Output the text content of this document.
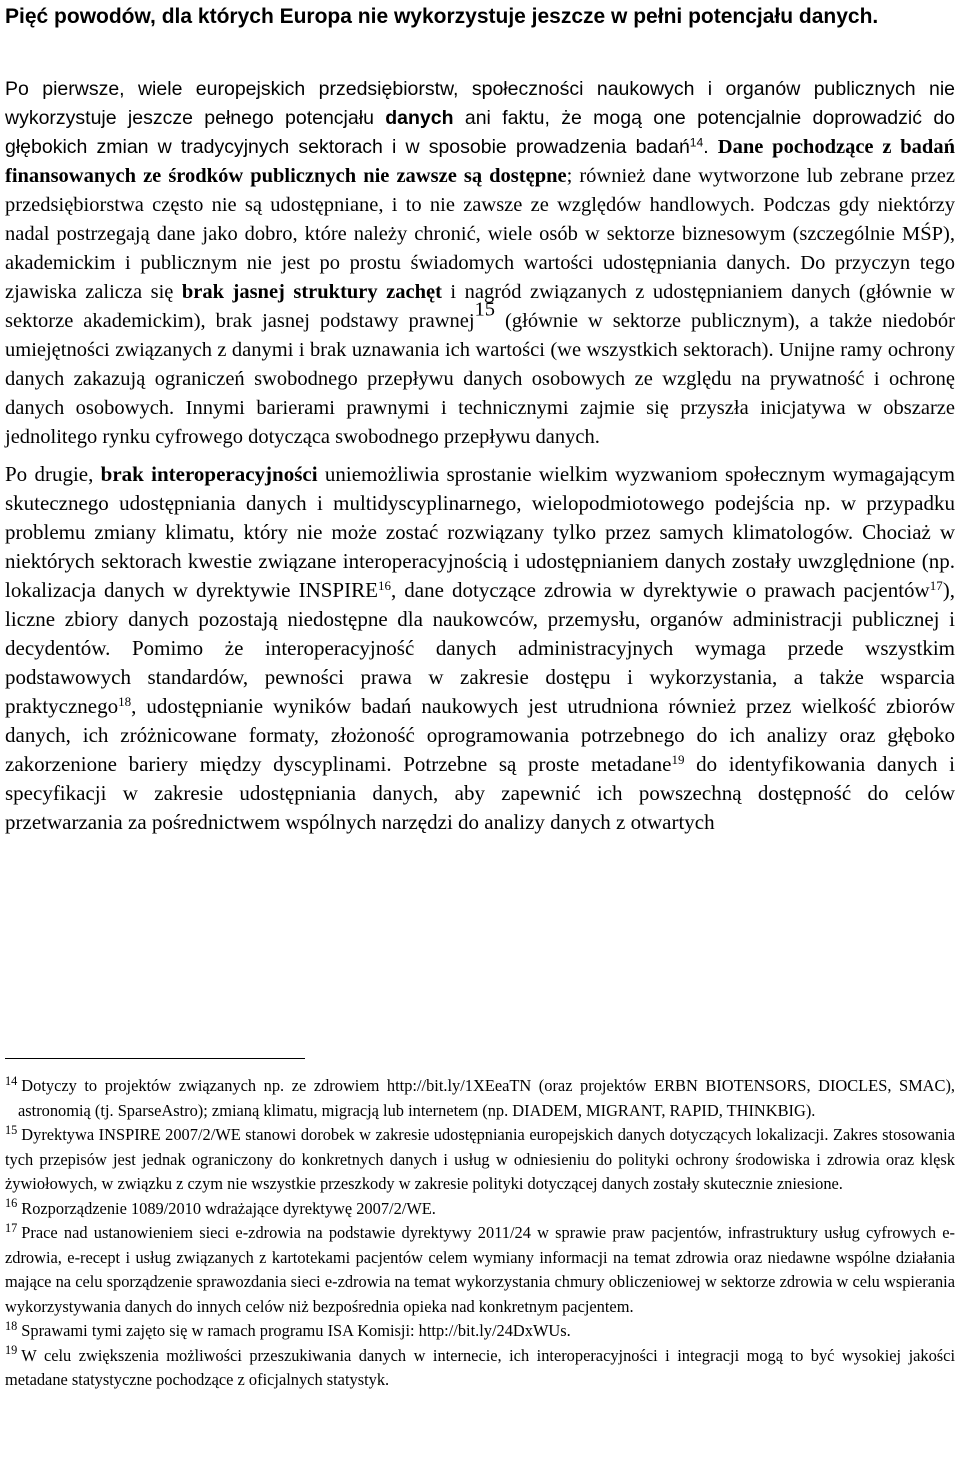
Pięć powodów, dla których Europa nie wykorzystuje jeszcze w pełni potencjału danych.

Po pierwsze, wiele europejskich przedsiębiorstw, społeczności naukowych i organów publicznych nie wykorzystuje jeszcze pełnego potencjału danych ani faktu, że mogą one potencjalnie doprowadzić do głębokich zmian w tradycyjnych sektorach i w sposobie prowadzenia badań$^{14}$. Dane pochodzące z badań finansowanych ze środków publicznych nie zawsze są dostępne; również dane wytworzone lub zebrane przez przedsiębiorstwa często nie są udostępniane, i to nie zawsze ze względów handlowych. Podczas gdy niektórzy nadal postrzegają dane jako dobro, które należy chronić, wiele osób w sektorze biznesowym (szczególnie MŚP), akademickim i publicznym nie jest po prostu świadomych wartości udostępniania danych. Do przyczyn tego zjawiska zalicza się brak jasnej struktury zachęt i nagród związanych z udostępnianiem danych (głównie w sektorze akademickim), brak jasnej podstawy prawnej$^{15}$ (głównie w sektorze publicznym), a także niedobór umiejętności związanych z danymi i brak uznawania ich wartości (we wszystkich sektorach). Unijne ramy ochrony danych zakazują ograniczeń swobodnego przepływu danych osobowych ze względu na prywatność i ochronę danych osobowych. Innymi barierami prawnymi i technicznymi zajmie się przyszła inicjatywa w obszarze jednolitego rynku cyfrowego dotycząca swobodnego przepływu danych.

Po drugie, brak interoperacyjności uniemożliwia sprostanie wielkim wyzwaniom społecznym wymagającym skutecznego udostępniania danych i multidyscyplinarnego, wielopodmiotowego podejścia np. w przypadku problemu zmiany klimatu, który nie może zostać rozwiązany tylko przez samych klimatologów. Chociaż w niektórych sektorach kwestie związane interoperacyjnością i udostępnianiem danych zostały uwzględnione (np. lokalizacja danych w dyrektywie INSPIRE$^{16}$, dane dotyczące zdrowia w dyrektywie o prawach pacjentów$^{17}$), liczne zbiory danych pozostają niedostępne dla naukowców, przemysłu, organów administracji publicznej i decydentów. Pomimo że interoperacyjność danych administracyjnych wymaga przede wszystkim podstawowych standardów, pewności prawa w zakresie dostępu i wykorzystania, a także wsparcia praktycznego$^{18}$, udostępnianie wyników badań naukowych jest utrudniona również przez wielkość zbiorów danych, ich zróżnicowane formaty, złożoność oprogramowania potrzebnego do ich analizy oraz głęboko zakorzenione bariery między dyscyplinami. Potrzebne są proste metadane$^{19}$ do identyfikowania danych i specyfikacji w zakresie udostępniania danych, aby zapewnić ich powszechną dostępność do celów przetwarzania za pośrednictwem wspólnych narzędzi do analizy danych z otwartych

$^{14}$ Dotyczy to projektów związanych np. ze zdrowiem http://bit.ly/1XEeaTN (oraz projektów ERBN BIOTENSORS, DIOCLES, SMAC), astronomią (tj. SparseAstro); zmianą klimatu, migracją lub internetem (np. DIADEM, MIGRANT, RAPID, THINKBIG).

$^{15}$ Dyrektywa INSPIRE 2007/2/WE stanowi dorobek w zakresie udostępniania europejskich danych dotyczących lokalizacji. Zakres stosowania tych przepisów jest jednak ograniczony do konkretnych danych i usług w odniesieniu do polityki ochrony środowiska i zdrowia oraz klęsk żywiołowych, w związku z czym nie wszystkie przeszkody w zakresie polityki dotyczącej danych zostały skutecznie zniesione.

$^{16}$ Rozporządzenie 1089/2010 wdrażające dyrektywę 2007/2/WE.

$^{17}$ Prace nad ustanowieniem sieci e-zdrowia na podstawie dyrektywy 2011/24 w sprawie praw pacjentów, infrastruktury usług cyfrowych e-zdrowia, e-recept i usług związanych z kartotekami pacjentów celem wymiany informacji na temat zdrowia oraz niedawne wspólne działania mające na celu sporządzenie sprawozdania sieci e-zdrowia na temat wykorzystania chmury obliczeniowej w sektorze zdrowia w celu wspierania wykorzystywania danych do innych celów niż bezpośrednia opieka nad konkretnym pacjentem.

$^{18}$ Sprawami tymi zajęto się w ramach programu ISA Komisji: http://bit.ly/24DxWUs.

$^{19}$ W celu zwiększenia możliwości przeszukiwania danych w internecie, ich interoperacyjności i integracji mogą to być wysokiej jakości metadane statystyczne pochodzące z oficjalnych statystyk.
